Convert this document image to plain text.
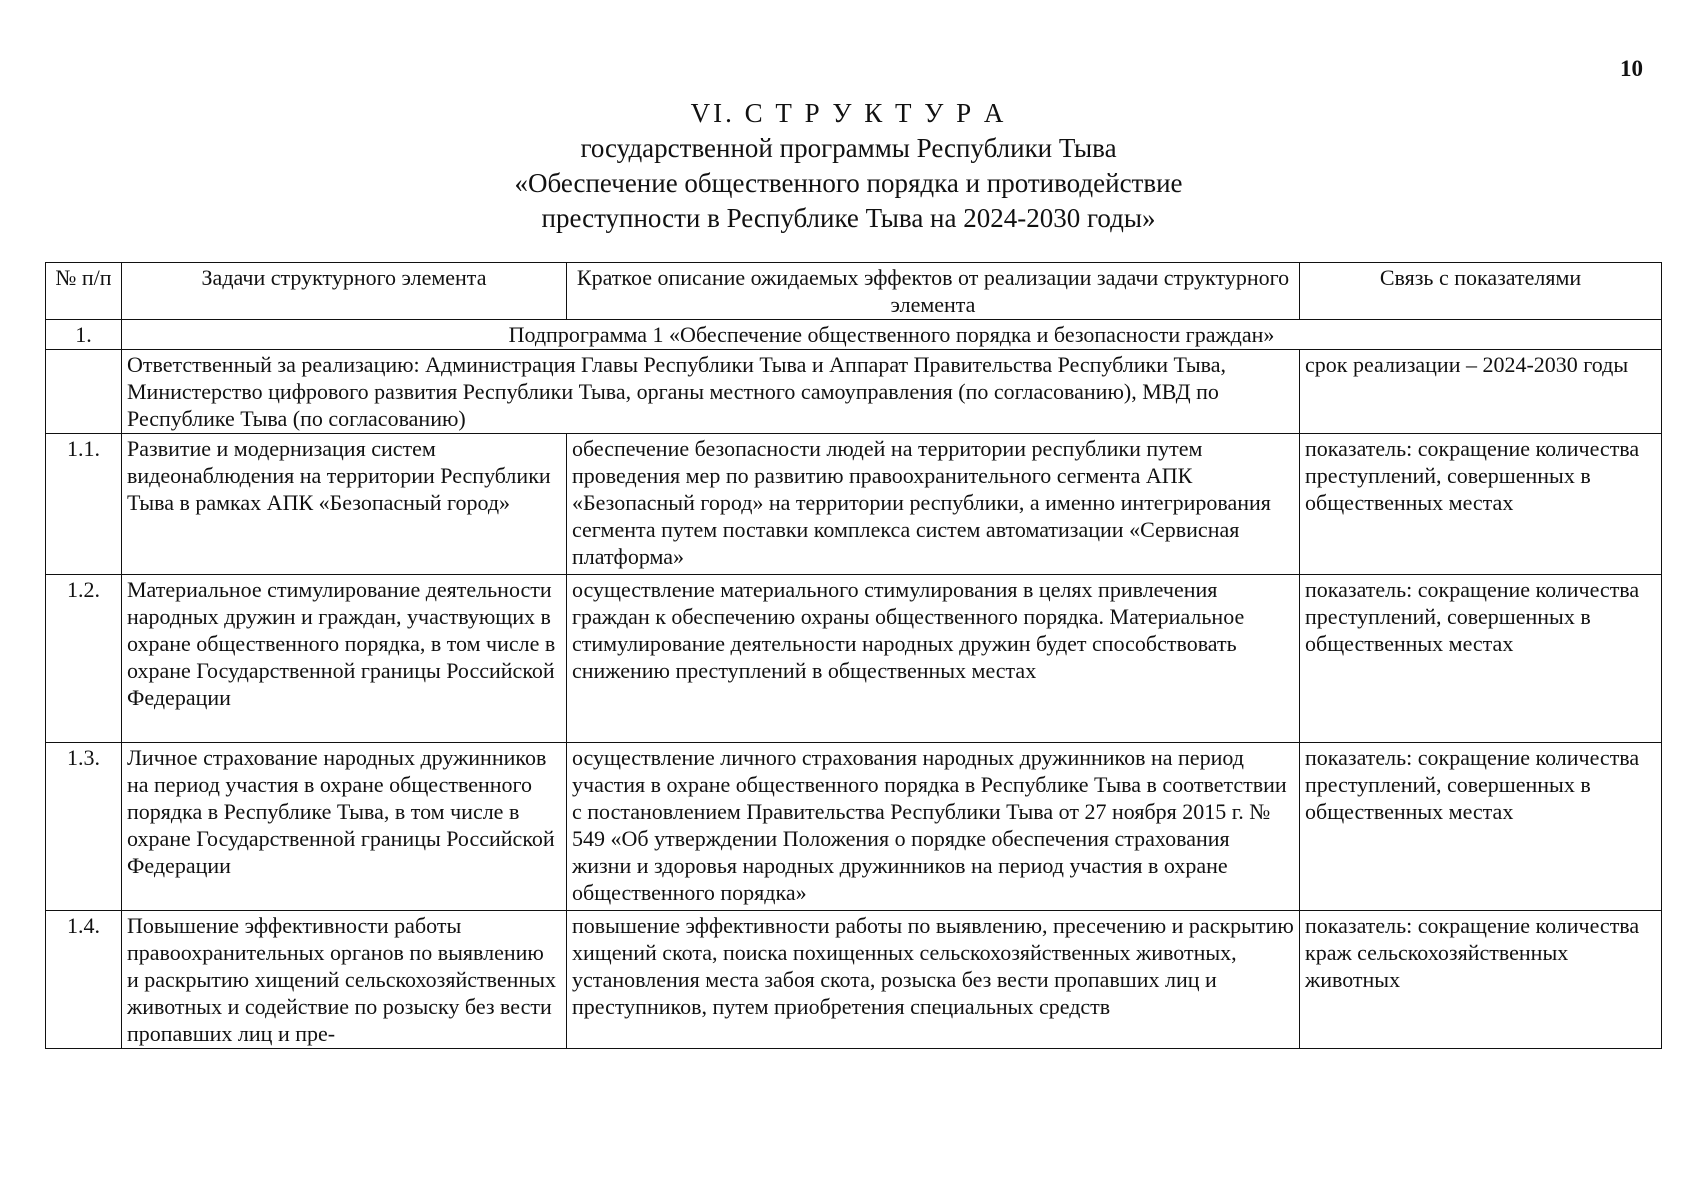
10
VI. С Т Р У К Т У Р А
государственной программы Республики Тыва
«Обеспечение общественного порядка и противодействие
преступности в Республике Тыва на 2024-2030 годы»
№ п/п	Задачи структурного элемента	Краткое описание ожидаемых эффектов от реализации задачи структурного элемента	Связь с показателями
1.	Подпрограмма 1 «Обеспечение общественного порядка и безопасности граждан»		
	Ответственный за реализацию: Администрация Главы Республики Тыва и Аппарат Правительства Республики Тыва, Министерство цифрового развития Республики Тыва, органы местного самоуправления (по согласованию), МВД по Республике Тыва (по согласованию)		срок реализации – 2024-2030 годы
1.1.	Развитие и модернизация систем видеонаблюдения на территории Республики Тыва в рамках АПК «Безопасный город»	обеспечение безопасности людей на территории республики путем проведения мер по развитию правоохранительного сегмента АПК «Безопасный город» на территории республики, а именно интегрирования сегмента путем поставки комплекса систем автоматизации «Сервисная платформа»	показатель: сокращение количества преступлений, совершенных в общественных местах
1.2.	Материальное стимулирование деятельности народных дружин и граждан, участвующих в охране общественного порядка, в том числе в охране Государственной границы Российской Федерации	осуществление материального стимулирования в целях привлечения граждан к обеспечению охраны общественного порядка. Материальное стимулирование деятельности народных дружин будет способствовать снижению преступлений в общественных местах	показатель: сокращение количества преступлений, совершенных в общественных местах
1.3.	Личное страхование народных дружинников на период участия в охране общественного порядка в Республике Тыва, в том числе в охране Государственной границы Российской Федерации	осуществление личного страхования народных дружинников на период участия в охране общественного порядка в Республике Тыва в соответствии с постановлением Правительства Республики Тыва от 27 ноября 2015 г. № 549 «Об утверждении Положения о порядке обеспечения страхования жизни и здоровья народных дружинников на период участия в охране общественного порядка»	показатель: сокращение количества преступлений, совершенных в общественных местах
1.4.	Повышение эффективности работы правоохранительных органов по выявлению и раскрытию хищений сельскохозяйственных животных и содействие по розыску без вести пропавших лиц и пре-	повышение эффективности работы по выявлению, пресечению и раскрытию хищений скота, поиска похищенных сельскохозяйственных животных, установления места забоя скота, розыска без вести пропавших лиц и преступников, путем приобретения специальных средств	показатель: сокращение количества краж сельскохозяйственных животных
